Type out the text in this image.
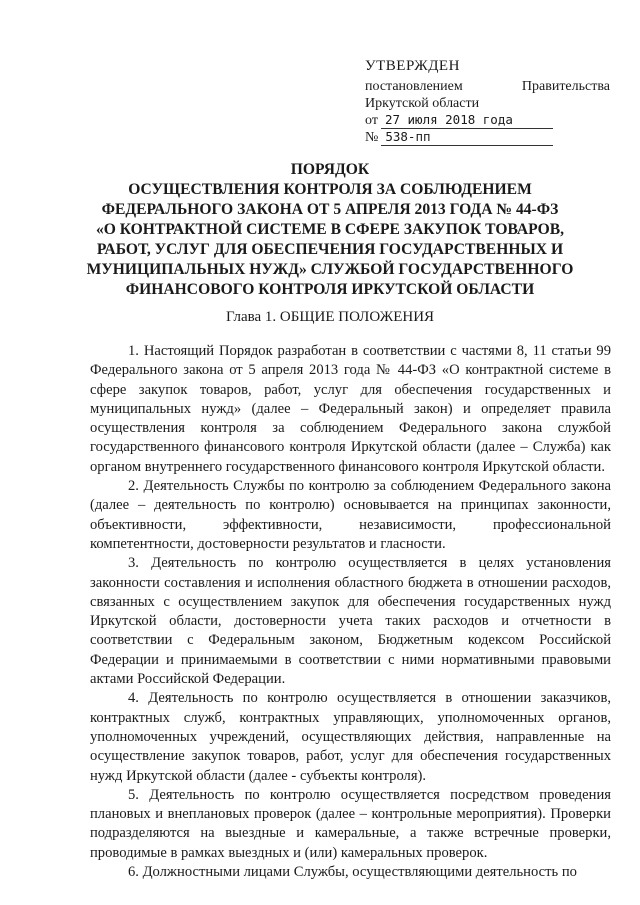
УТВЕРЖДЕН
постановлением	Правительства
Иркутской области
от 27 июля 2018 года
№ 538-пп
ПОРЯДОК
ОСУЩЕСТВЛЕНИЯ КОНТРОЛЯ ЗА СОБЛЮДЕНИЕМ
ФЕДЕРАЛЬНОГО ЗАКОНА ОТ 5 АПРЕЛЯ 2013 ГОДА № 44-ФЗ
«О КОНТРАКТНОЙ СИСТЕМЕ В СФЕРЕ ЗАКУПОК ТОВАРОВ,
РАБОТ, УСЛУГ ДЛЯ ОБЕСПЕЧЕНИЯ ГОСУДАРСТВЕННЫХ И
МУНИЦИПАЛЬНЫХ НУЖД» СЛУЖБОЙ ГОСУДАРСТВЕННОГО
ФИНАНСОВОГО КОНТРОЛЯ ИРКУТСКОЙ ОБЛАСТИ
Глава 1. ОБЩИЕ ПОЛОЖЕНИЯ

1. Настоящий Порядок разработан в соответствии с частями 8, 11 статьи 99 Федерального закона от 5 апреля 2013 года № 44-ФЗ «О контрактной системе в сфере закупок товаров, работ, услуг для обеспечения государственных и муниципальных нужд» (далее – Федеральный закон) и определяет правила осуществления контроля за соблюдением Федерального закона службой государственного финансового контроля Иркутской области (далее – Служба) как органом внутреннего государственного финансового контроля Иркутской области.

2. Деятельность Службы по контролю за соблюдением Федерального закона (далее – деятельность по контролю) основывается на принципах законности, объективности, эффективности, независимости, профессиональной компетентности, достоверности результатов и гласности.

3. Деятельность по контролю осуществляется в целях установления законности составления и исполнения областного бюджета в отношении расходов, связанных с осуществлением закупок для обеспечения государственных нужд Иркутской области, достоверности учета таких расходов и отчетности в соответствии с Федеральным законом, Бюджетным кодексом Российской Федерации и принимаемыми в соответствии с ними нормативными правовыми актами Российской Федерации.

4. Деятельность по контролю осуществляется в отношении заказчиков, контрактных служб, контрактных управляющих, уполномоченных органов, уполномоченных учреждений, осуществляющих действия, направленные на осуществление закупок товаров, работ, услуг для обеспечения государственных нужд Иркутской области (далее - субъекты контроля).

5. Деятельность по контролю осуществляется посредством проведения плановых и внеплановых проверок (далее – контрольные мероприятия). Проверки подразделяются на выездные и камеральные, а также встречные проверки, проводимые в рамках выездных и (или) камеральных проверок.

6. Должностными лицами Службы, осуществляющими деятельность по
